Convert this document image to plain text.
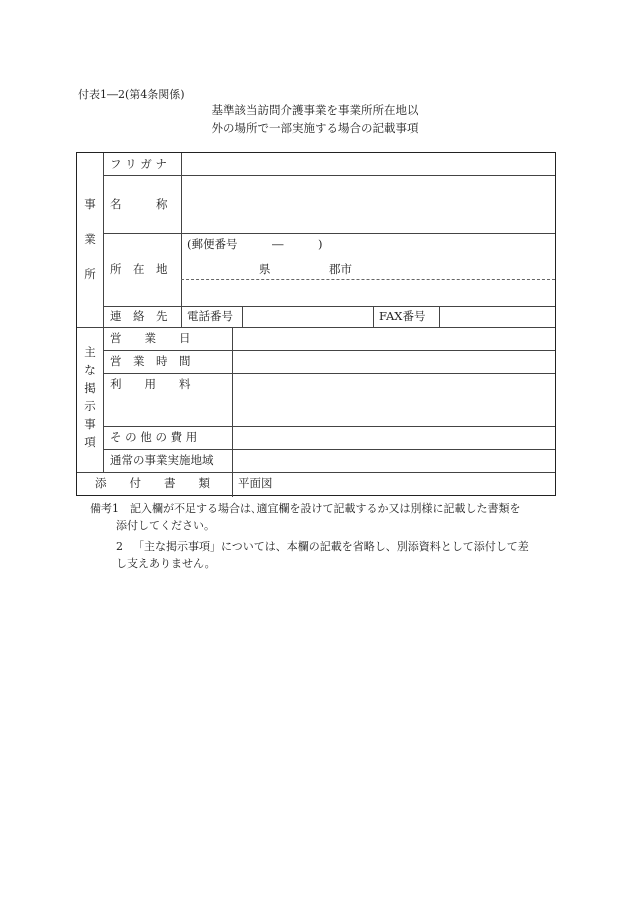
付表1―2(第4条関係)
基準該当訪問介護事業を事業所所在地以
外の場所で一部実施する場合の記載事項
事
業
所
フ リ ガ ナ
名　　　称
所　在　地
(郵便番号　　　―　　　)
県	郡市
連　絡　先 電話番号	FAX番号
主
な
掲
示
事
項
営　　業　　日
営　業　時　間
利　　用　　料
そ の 他 の 費 用
通常の事業実施地域
添　　付　　書　　類 平面図
備考1 記入欄が不足する場合は､適宜欄を設けて記載するか又は別様に記載した書類を
添付してください。
2 「主な掲示事項」については、本欄の記載を省略し、別添資料として添付して差
し支えありません。
